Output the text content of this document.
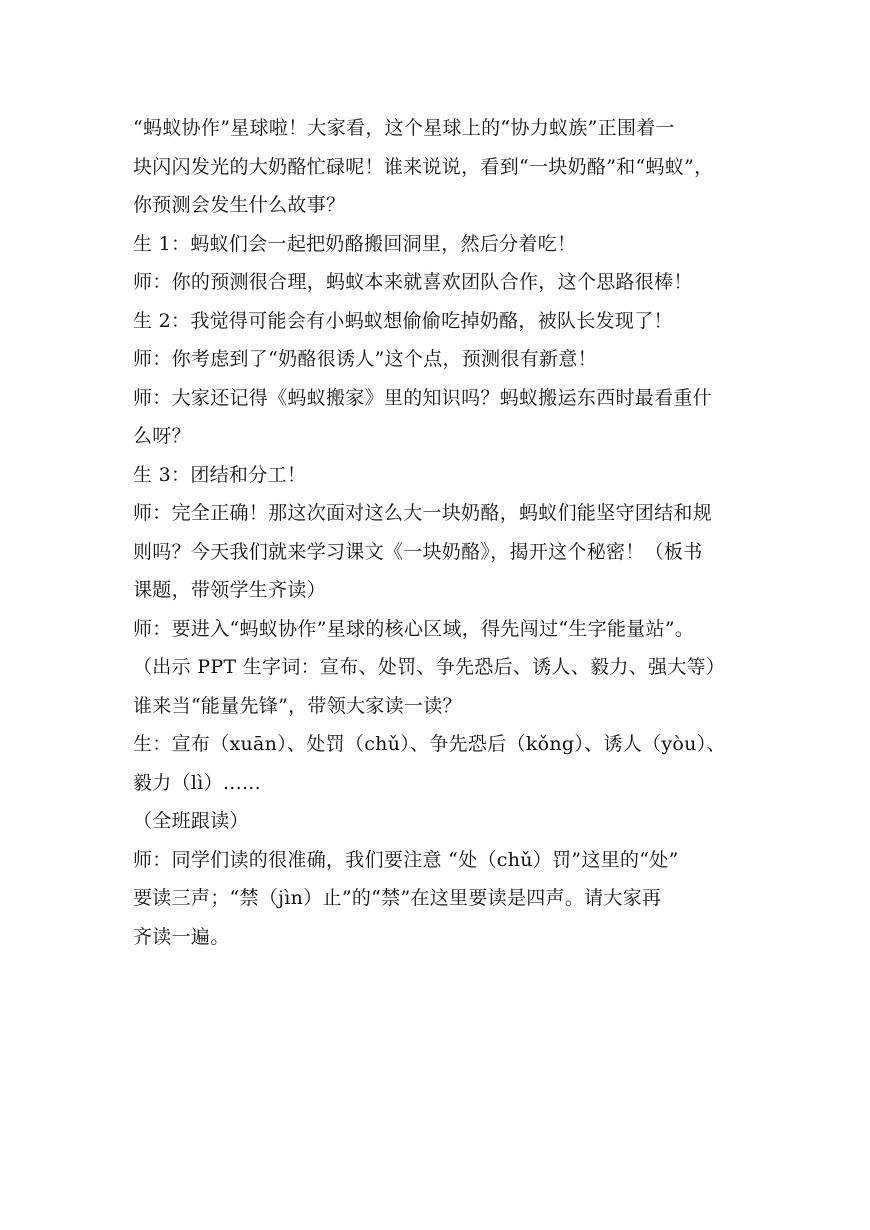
“蚂蚁协作”星球啦！大家看，这个星球上的“协力蚁族”正围着一
块闪闪发光的大奶酪忙碌呢！谁来说说，看到“一块奶酪”和“蚂蚁”，
你预测会发生什么故事？

生 1：蚂蚁们会一起把奶酪搬回洞里，然后分着吃！

师：你的预测很合理，蚂蚁本来就喜欢团队合作，这个思路很棒！

生 2：我觉得可能会有小蚂蚁想偷偷吃掉奶酪，被队长发现了！

师：你考虑到了“奶酪很诱人”这个点，预测很有新意！

师：大家还记得《蚂蚁搬家》里的知识吗？蚂蚁搬运东西时最看重什
么呀？

生 3：团结和分工！

师：完全正确！那这次面对这么大一块奶酪，蚂蚁们能坚守团结和规
则吗？今天我们就来学习课文《一块奶酪》，揭开这个秘密！（板书
课题，带领学生齐读）

师：要进入“蚂蚁协作”星球的核心区域，得先闯过“生字能量站”。
（出示 PPT 生字词：宣布、处罚、争先恐后、诱人、毅力、强大等）
谁来当“能量先锋”，带领大家读一读？

生：宣布（xuān）、处罚（chǔ）、争先恐后（kǒng）、诱人（yòu）、
毅力（lì）......

（全班跟读）

师：同学们读的很准确，我们要注意 “处（chǔ）罚”这里的“处”
要读三声；“禁（jìn）止”的“禁”在这里要读是四声。请大家再
齐读一遍。
